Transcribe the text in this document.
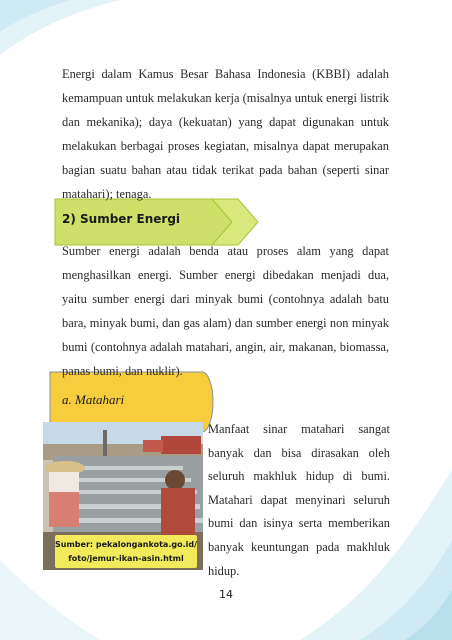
Energi dalam Kamus Besar Bahasa Indonesia (KBBI) adalah kemampuan untuk melakukan kerja (misalnya untuk energi listrik dan mekanika); daya (kekuatan) yang dapat digunakan untuk melakukan berbagai proses kegiatan, misalnya dapat merupakan bagian suatu bahan atau tidak terikat pada bahan (seperti sinar matahari); tenaga.

2) Sumber Energi

Sumber energi adalah benda atau proses alam yang dapat menghasilkan energi. Sumber energi dibedakan menjadi dua, yaitu sumber energi dari minyak bumi (contohnya adalah batu bara, minyak bumi, dan gas alam) dan sumber energi non minyak bumi (contohnya adalah matahari, angin, air, makanan, biomassa, panas bumi, dan nuklir).

a. Matahari
Sumber: pekalongankota.go.id/
foto/jemur-ikan-asin.html

Manfaat sinar matahari sangat banyak dan bisa dirasakan oleh seluruh makhluk hidup di bumi. Matahari dapat menyinari seluruh bumi dan isinya serta memberikan banyak keuntungan pada makhluk hidup.

14
